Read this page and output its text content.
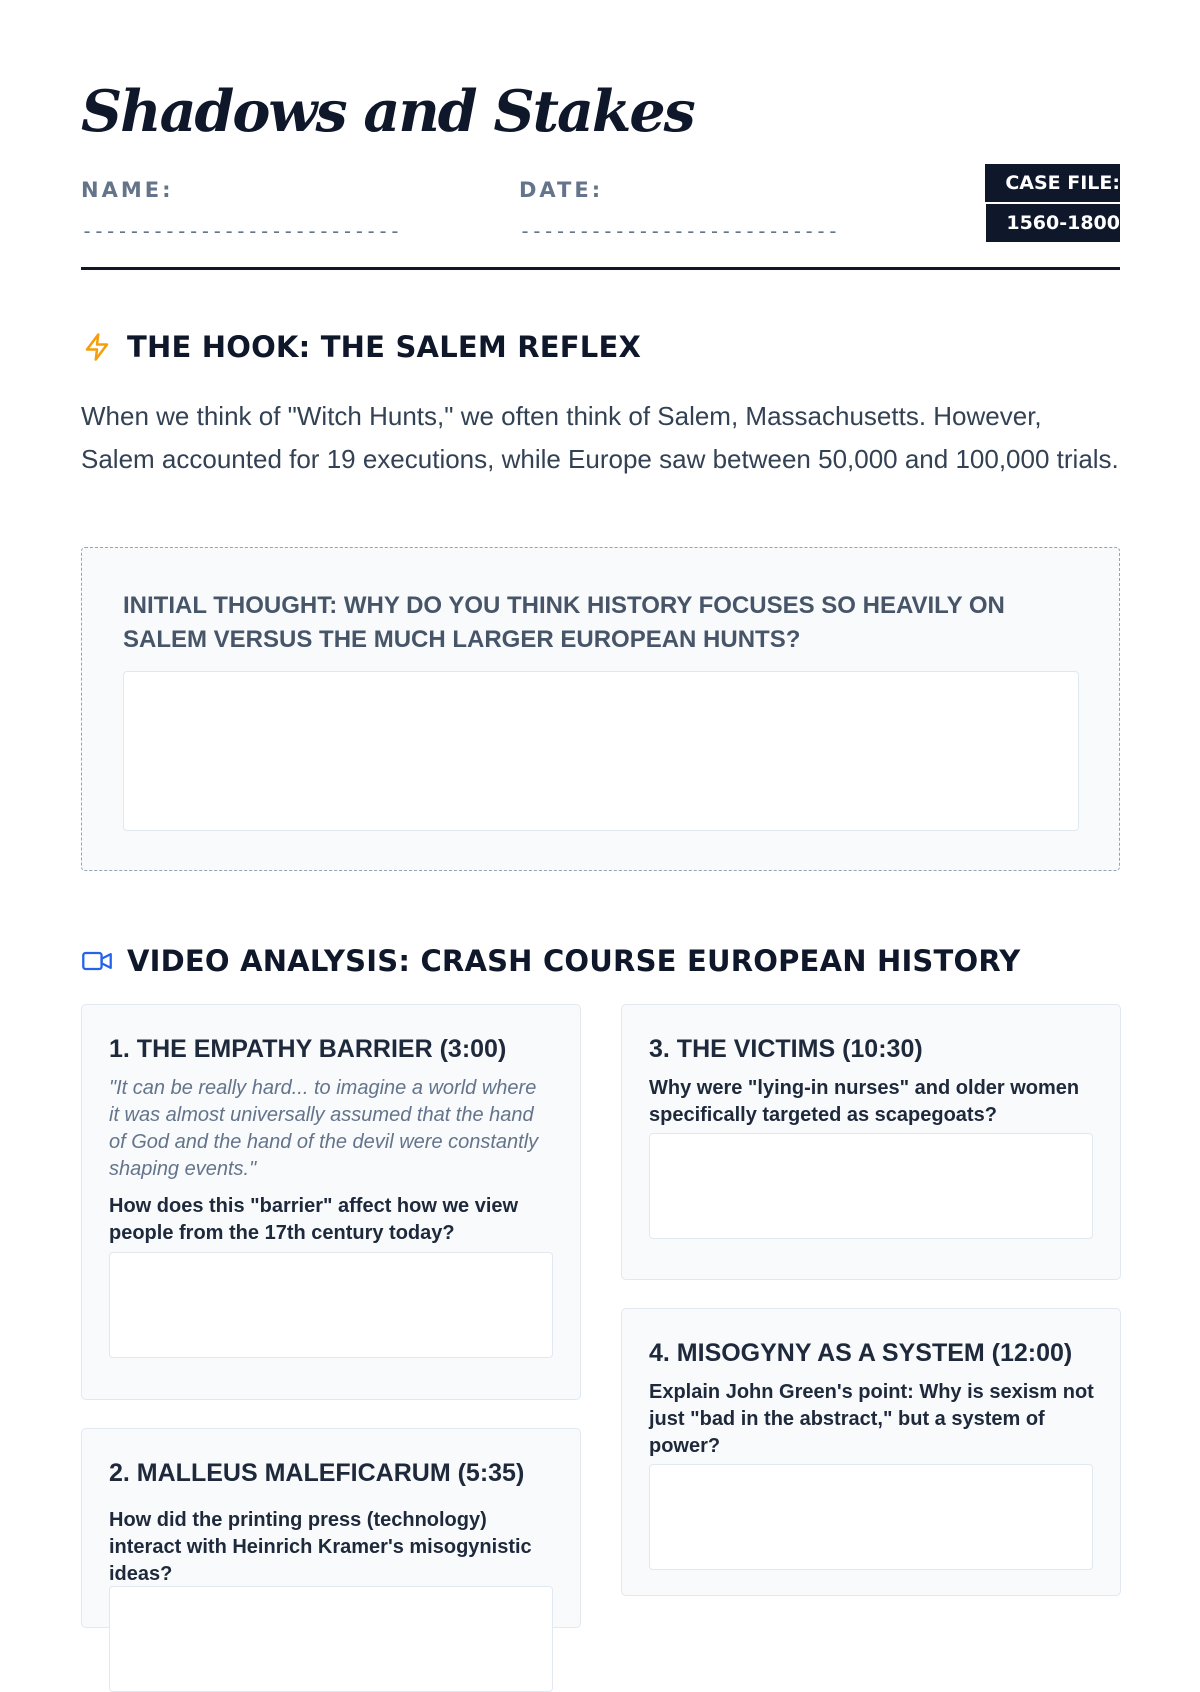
Shadows and Stakes
NAME:
---------------------------
DATE:
---------------------------
CASE FILE: 1560-1800
THE HOOK: THE SALEM REFLEX

When we think of "Witch Hunts," we often think of Salem, Massachusetts. However, Salem accounted for 19 executions, while Europe saw between 50,000 and 100,000 trials.

INITIAL THOUGHT: WHY DO YOU THINK HISTORY FOCUSES SO HEAVILY ON SALEM VERSUS THE MUCH LARGER EUROPEAN HUNTS?

VIDEO ANALYSIS: CRASH COURSE EUROPEAN HISTORY
1. THE EMPATHY BARRIER (3:00)

"It can be really hard... to imagine a world where it was almost universally assumed that the hand of God and the hand of the devil were constantly shaping events."

How does this "barrier" affect how we view people from the 17th century today?

2. MALLEUS MALEFICARUM (5:35)

How did the printing press (technology) interact with Heinrich Kramer's misogynistic ideas?

3. THE VICTIMS (10:30)

Why were "lying-in nurses" and older women specifically targeted as scapegoats?

4. MISOGYNY AS A SYSTEM (12:00)

Explain John Green's point: Why is sexism not just "bad in the abstract," but a system of power?
